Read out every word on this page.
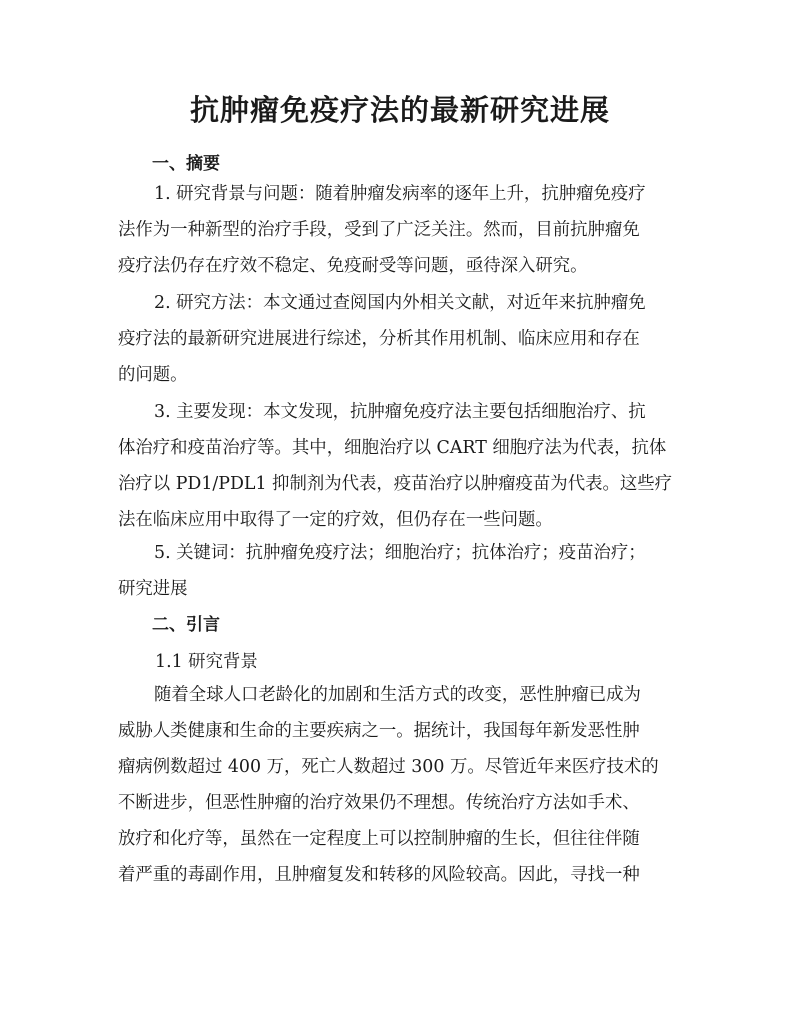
抗肿瘤免疫疗法的最新研究进展
一、摘要

1. 研究背景与问题：随着肿瘤发病率的逐年上升，抗肿瘤免疫疗
法作为一种新型的治疗手段，受到了广泛关注。然而，目前抗肿瘤免
疫疗法仍存在疗效不稳定、免疫耐受等问题，亟待深入研究。

2. 研究方法：本文通过查阅国内外相关文献，对近年来抗肿瘤免
疫疗法的最新研究进展进行综述，分析其作用机制、临床应用和存在
的问题。

3. 主要发现：本文发现，抗肿瘤免疫疗法主要包括细胞治疗、抗
体治疗和疫苗治疗等。其中，细胞治疗以 CART 细胞疗法为代表，抗体
治疗以 PD1/PDL1 抑制剂为代表，疫苗治疗以肿瘤疫苗为代表。这些疗
法在临床应用中取得了一定的疗效，但仍存在一些问题。

5. 关键词：抗肿瘤免疫疗法；细胞治疗；抗体治疗；疫苗治疗；
研究进展

二、引言

1.1 研究背景

随着全球人口老龄化的加剧和生活方式的改变，恶性肿瘤已成为
威胁人类健康和生命的主要疾病之一。据统计，我国每年新发恶性肿
瘤病例数超过 400 万，死亡人数超过 300 万。尽管近年来医疗技术的
不断进步，但恶性肿瘤的治疗效果仍不理想。传统治疗方法如手术、
放疗和化疗等，虽然在一定程度上可以控制肿瘤的生长，但往往伴随
着严重的毒副作用，且肿瘤复发和转移的风险较高。因此，寻找一种
